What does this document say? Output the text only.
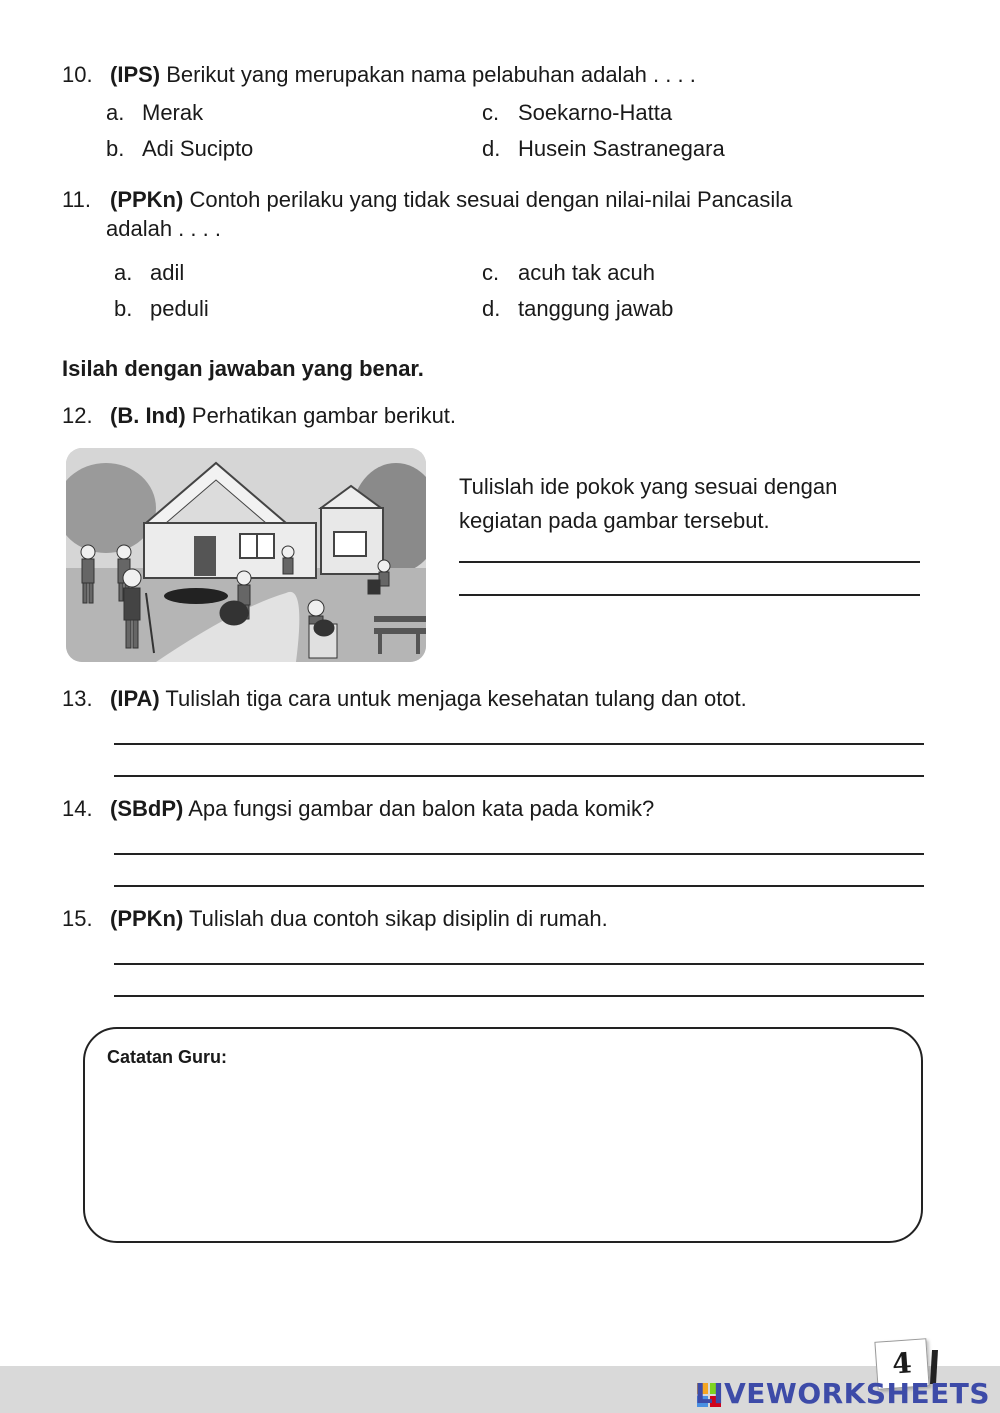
10. (IPS) Berikut yang merupakan nama pelabuhan adalah . . . .
a. Merak
b. Adi Sucipto
c. Soekarno-Hatta
d. Husein Sastranegara
11. (PPKn) Contoh perilaku yang tidak sesuai dengan nilai-nilai Pancasila
adalah . . . .
a. adil
b. peduli
c. acuh tak acuh
d. tanggung jawab
Isilah dengan jawaban yang benar.
12. (B. Ind) Perhatikan gambar berikut.
Tulislah ide pokok yang sesuai dengan
kegiatan pada gambar tersebut.
13. (IPA) Tulislah tiga cara untuk menjaga kesehatan tulang dan otot.
14. (SBdP) Apa fungsi gambar dan balon kata pada komik?
15. (PPKn) Tulislah dua contoh sikap disiplin di rumah.
Catatan Guru:
4
LIVEWORKSHEETS
